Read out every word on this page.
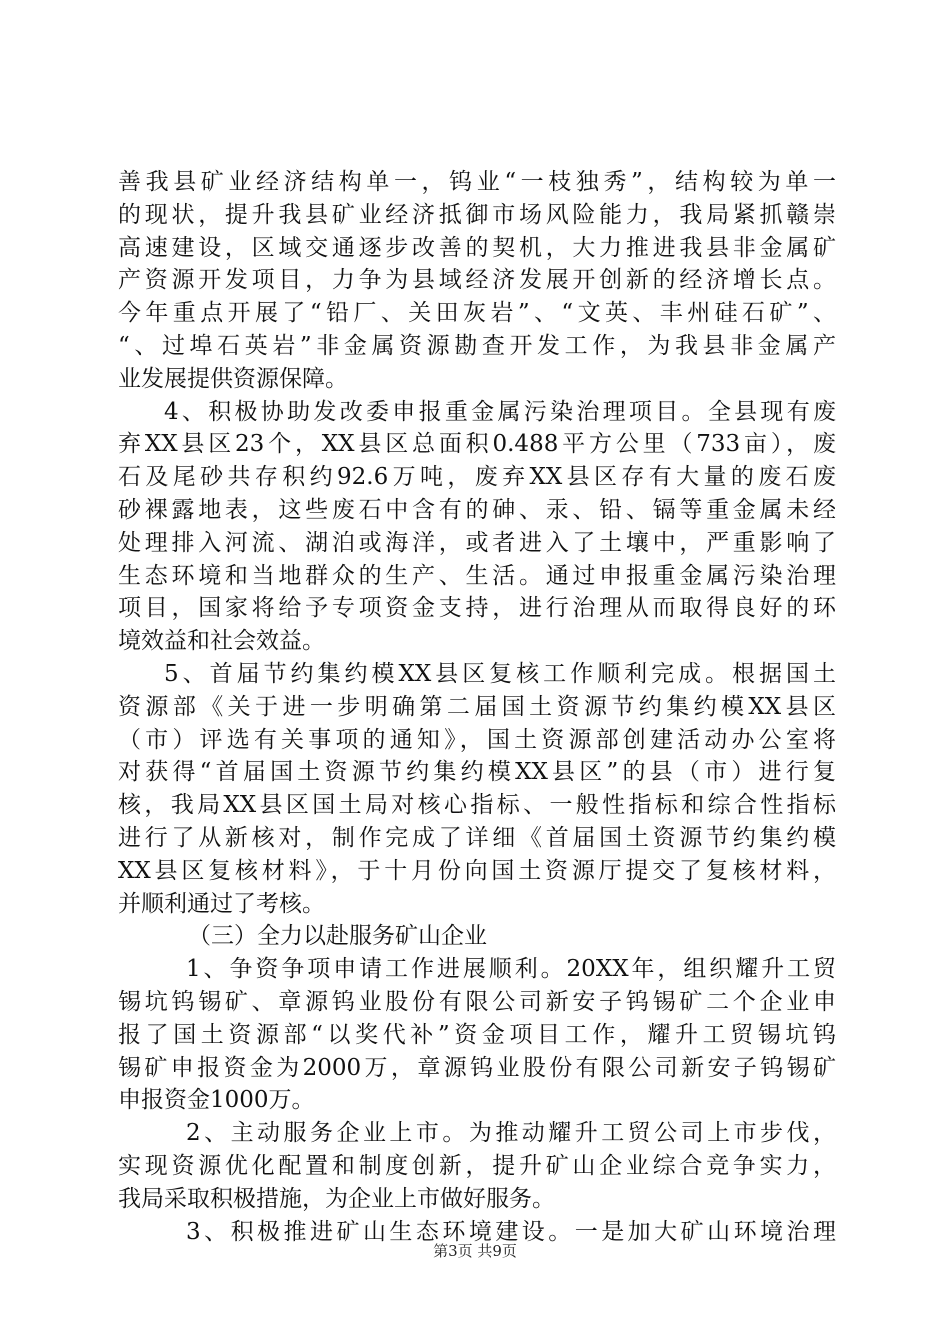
善我县矿业经济结构单一，钨业“一枝独秀”，结构较为单一
的现状，提升我县矿业经济抵御市场风险能力，我局紧抓赣崇
高速建设，区域交通逐步改善的契机，大力推进我县非金属矿
产资源开发项目，力争为县域经济发展开创新的经济增长点。
今年重点开展了“铅厂、关田灰岩”、“文英、丰州硅石矿”、
“、过埠石英岩”非金属资源勘查开发工作，为我县非金属产
业发展提供资源保障。
4、积极协助发改委申报重金属污染治理项目。全县现有废
弃XX县区23个，XX县区总面积0.488平方公里（733亩），废
石及尾砂共存积约92.6万吨，废弃XX县区存有大量的废石废
砂裸露地表，这些废石中含有的砷、汞、铅、镉等重金属未经
处理排入河流、湖泊或海洋，或者进入了土壤中，严重影响了
生态环境和当地群众的生产、生活。通过申报重金属污染治理
项目，国家将给予专项资金支持，进行治理从而取得良好的环
境效益和社会效益。
5、首届节约集约模XX县区复核工作顺利完成。根据国土
资源部《关于进一步明确第二届国土资源节约集约模XX县区
（市）评选有关事项的通知》，国土资源部创建活动办公室将
对获得“首届国土资源节约集约模XX县区”的县（市）进行复
核，我局XX县区国土局对核心指标、一般性指标和综合性指标
进行了从新核对，制作完成了详细《首届国土资源节约集约模
XX县区复核材料》，于十月份向国土资源厅提交了复核材料，
并顺利通过了考核。
（三）全力以赴服务矿山企业
1、争资争项申请工作进展顺利。20XX年，组织耀升工贸
锡坑钨锡矿、章源钨业股份有限公司新安子钨锡矿二个企业申
报了国土资源部“以奖代补”资金项目工作，耀升工贸锡坑钨
锡矿申报资金为2000万，章源钨业股份有限公司新安子钨锡矿
申报资金1000万。
2、主动服务企业上市。为推动耀升工贸公司上市步伐，
实现资源优化配置和制度创新，提升矿山企业综合竞争实力，
我局采取积极措施，为企业上市做好服务。
3、积极推进矿山生态环境建设。一是加大矿山环境治理
第3页 共9页
